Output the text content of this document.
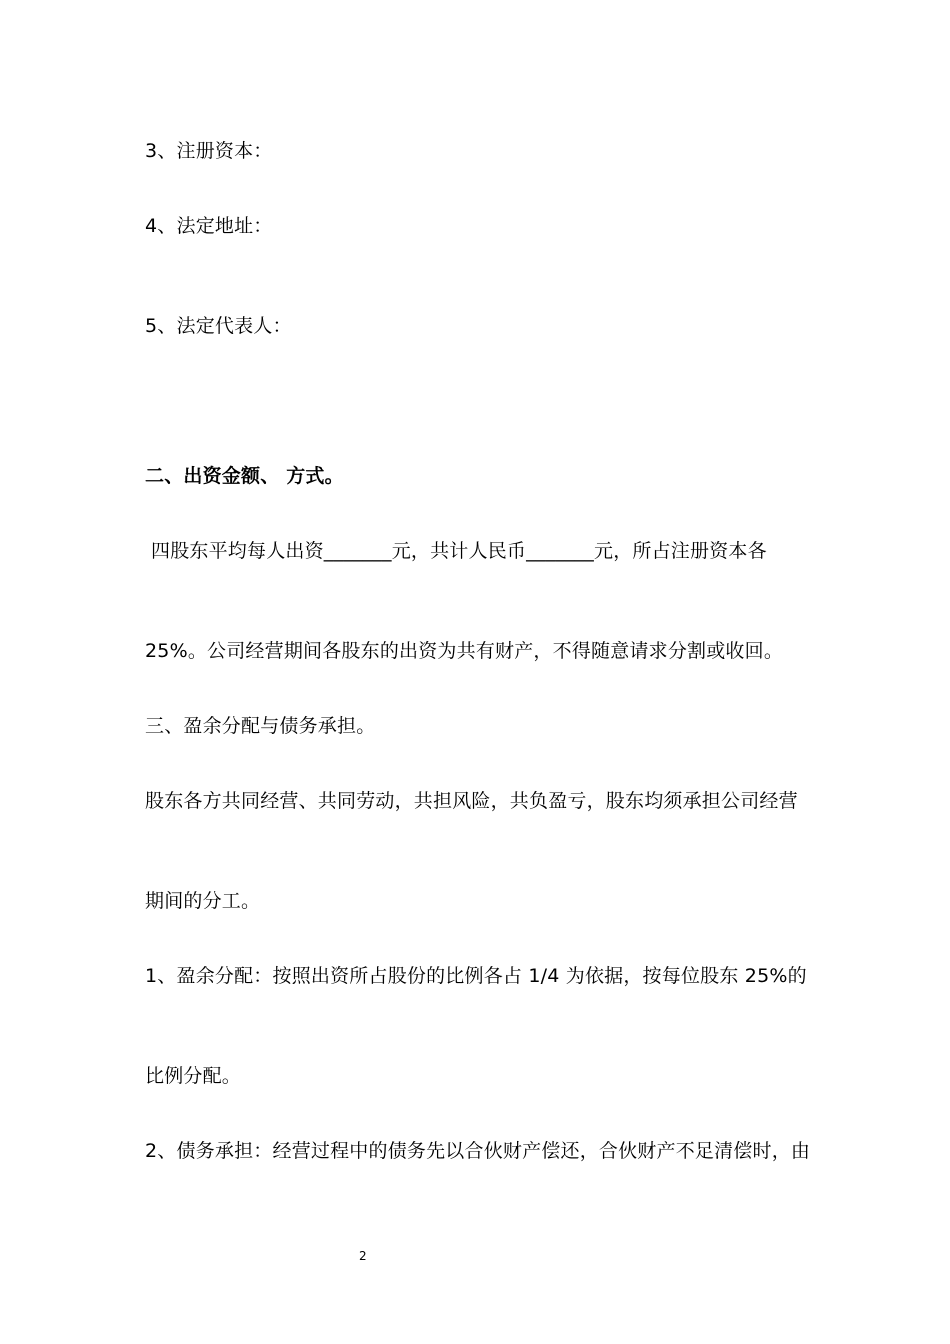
3、注册资本：
4、法定地址：
5、法定代表人：
二、出资金额、 方式。
四股东平均每人出资_______元，共计人民币_______元，所占注册资本各
25%。公司经营期间各股东的出资为共有财产，不得随意请求分割或收回。
三、盈余分配与债务承担。
股东各方共同经营、共同劳动，共担风险，共负盈亏，股东均须承担公司经营
期间的分工。
1、盈余分配：按照出资所占股份的比例各占 1/4 为依据，按每位股东 25%的
比例分配。
2、债务承担：经营过程中的债务先以合伙财产偿还，合伙财产不足清偿时，由
2
